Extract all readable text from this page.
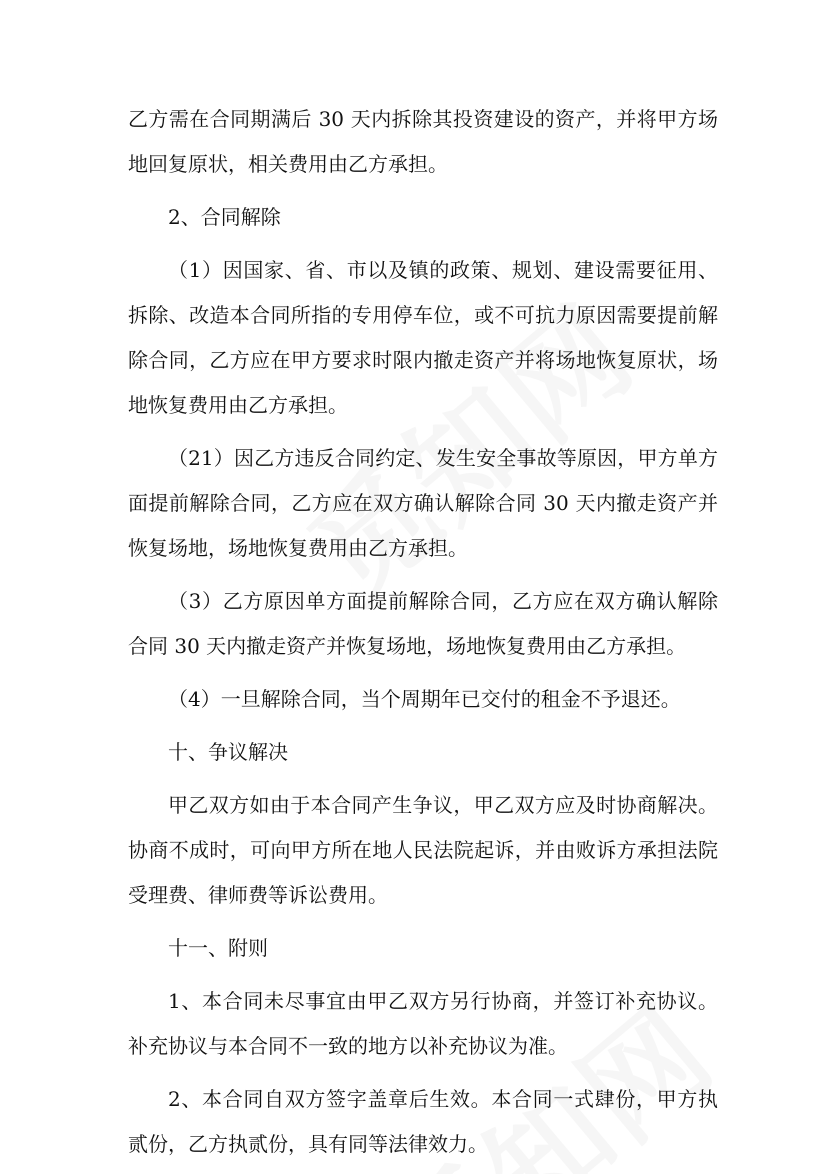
乙方需在合同期满后 30 天内拆除其投资建设的资产，并将甲方场地回复原状，相关费用由乙方承担。

2、合同解除

（1）因国家、省、市以及镇的政策、规划、建设需要征用、拆除、改造本合同所指的专用停车位，或不可抗力原因需要提前解除合同，乙方应在甲方要求时限内撤走资产并将场地恢复原状，场地恢复费用由乙方承担。

（21）因乙方违反合同约定、发生安全事故等原因，甲方单方面提前解除合同，乙方应在双方确认解除合同 30 天内撤走资产并恢复场地，场地恢复费用由乙方承担。

（3）乙方原因单方面提前解除合同，乙方应在双方确认解除合同 30 天内撤走资产并恢复场地，场地恢复费用由乙方承担。

（4）一旦解除合同，当个周期年已交付的租金不予退还。

十、争议解决

甲乙双方如由于本合同产生争议，甲乙双方应及时协商解决。协商不成时，可向甲方所在地人民法院起诉，并由败诉方承担法院受理费、律师费等诉讼费用。

十一、附则

1、本合同未尽事宜由甲乙双方另行协商，并签订补充协议。补充协议与本合同不一致的地方以补充协议为准。

2、本合同自双方签字盖章后生效。本合同一式肆份，甲方执贰份，乙方执贰份，具有同等法律效力。
